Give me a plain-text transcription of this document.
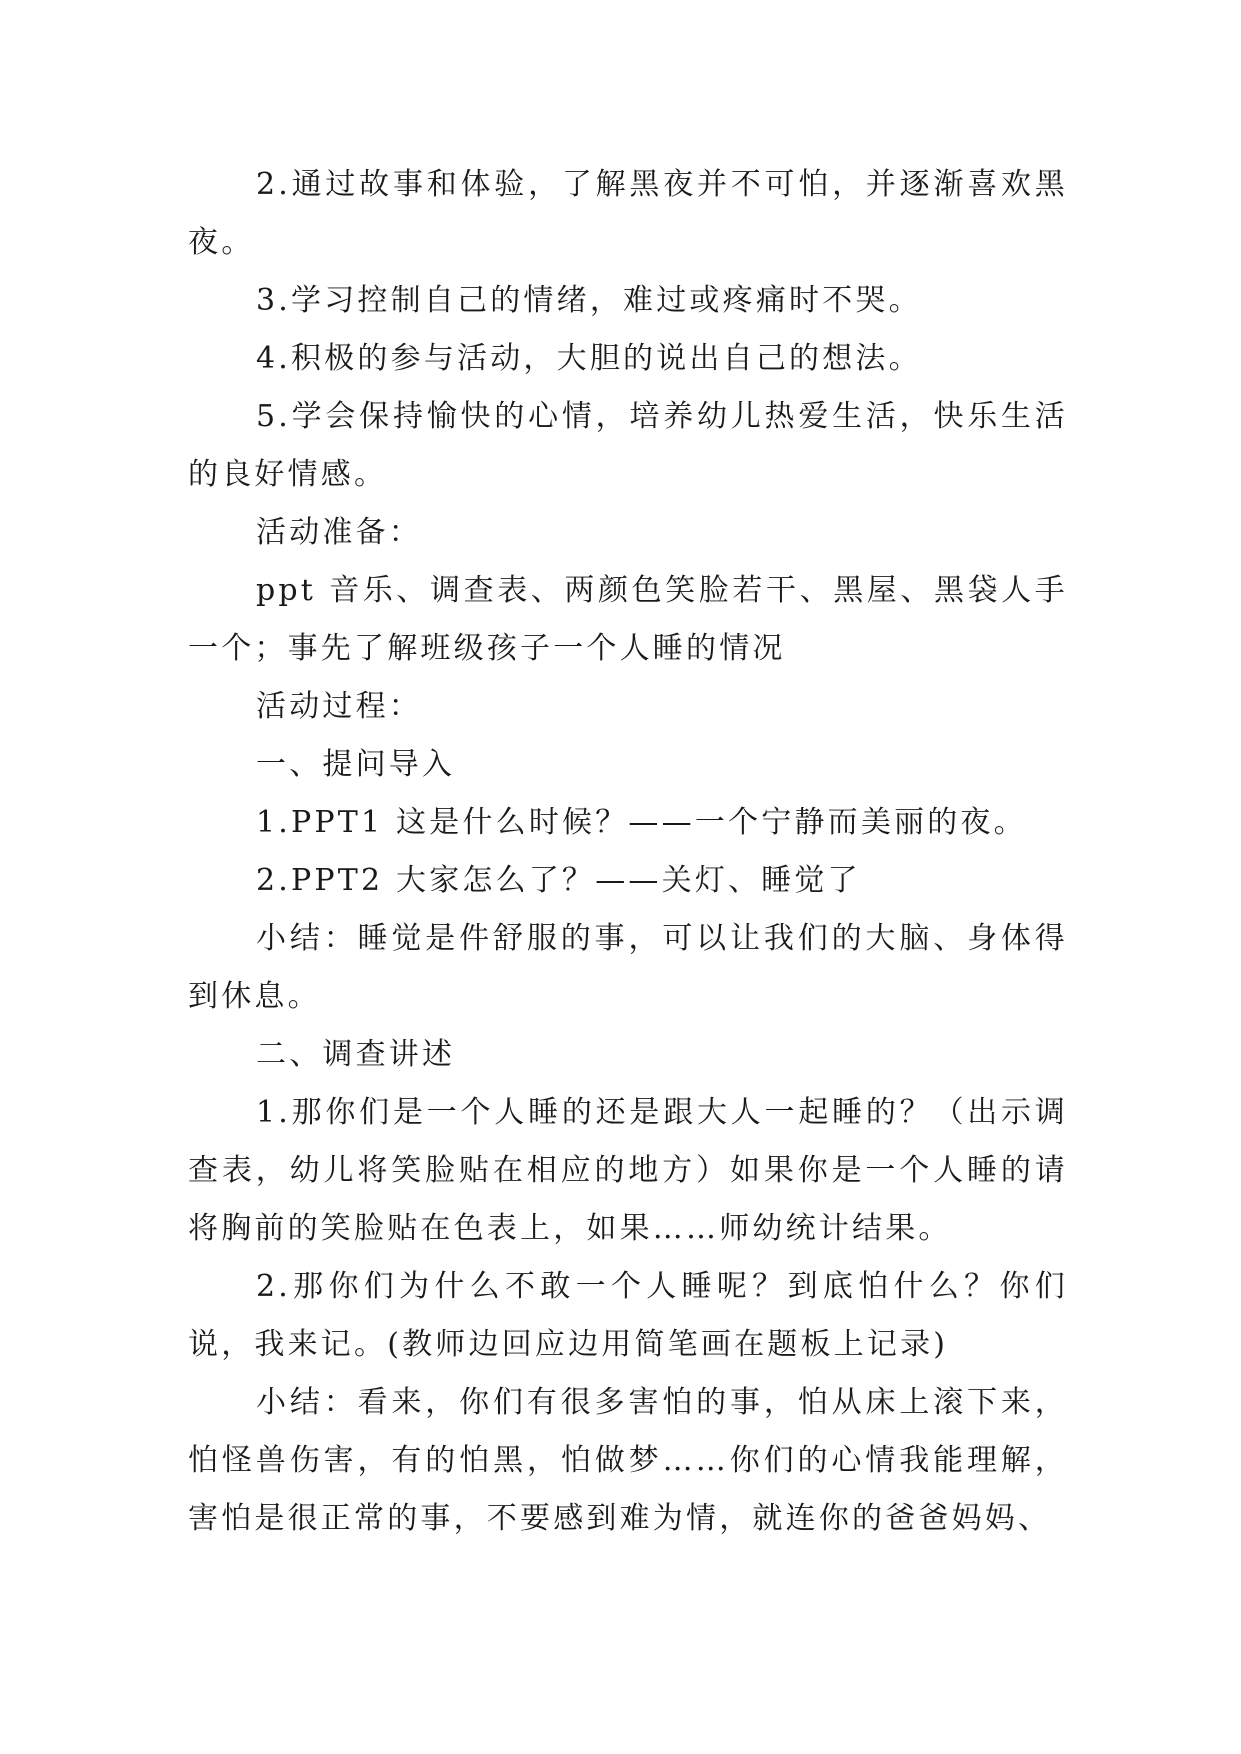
2.通过故事和体验，了解黑夜并不可怕，并逐渐喜欢黑夜。

3.学习控制自己的情绪，难过或疼痛时不哭。

4.积极的参与活动，大胆的说出自己的想法。

5.学会保持愉快的心情，培养幼儿热爱生活，快乐生活的良好情感。

活动准备：

ppt 音乐、调查表、两颜色笑脸若干、黑屋、黑袋人手一个；事先了解班级孩子一个人睡的情况

活动过程：

一、提问导入

1.PPT1 这是什么时候？——一个宁静而美丽的夜。

2.PPT2 大家怎么了？——关灯、睡觉了

小结：睡觉是件舒服的事，可以让我们的大脑、身体得到休息。

二、调查讲述

1.那你们是一个人睡的还是跟大人一起睡的？（出示调查表，幼儿将笑脸贴在相应的地方）如果你是一个人睡的请将胸前的笑脸贴在色表上，如果……师幼统计结果。

2.那你们为什么不敢一个人睡呢？到底怕什么？你们说，我来记。(教师边回应边用简笔画在题板上记录)

小结：看来，你们有很多害怕的事，怕从床上滚下来，怕怪兽伤害，有的怕黑，怕做梦……你们的心情我能理解，害怕是很正常的事，不要感到难为情，就连你的爸爸妈妈、
